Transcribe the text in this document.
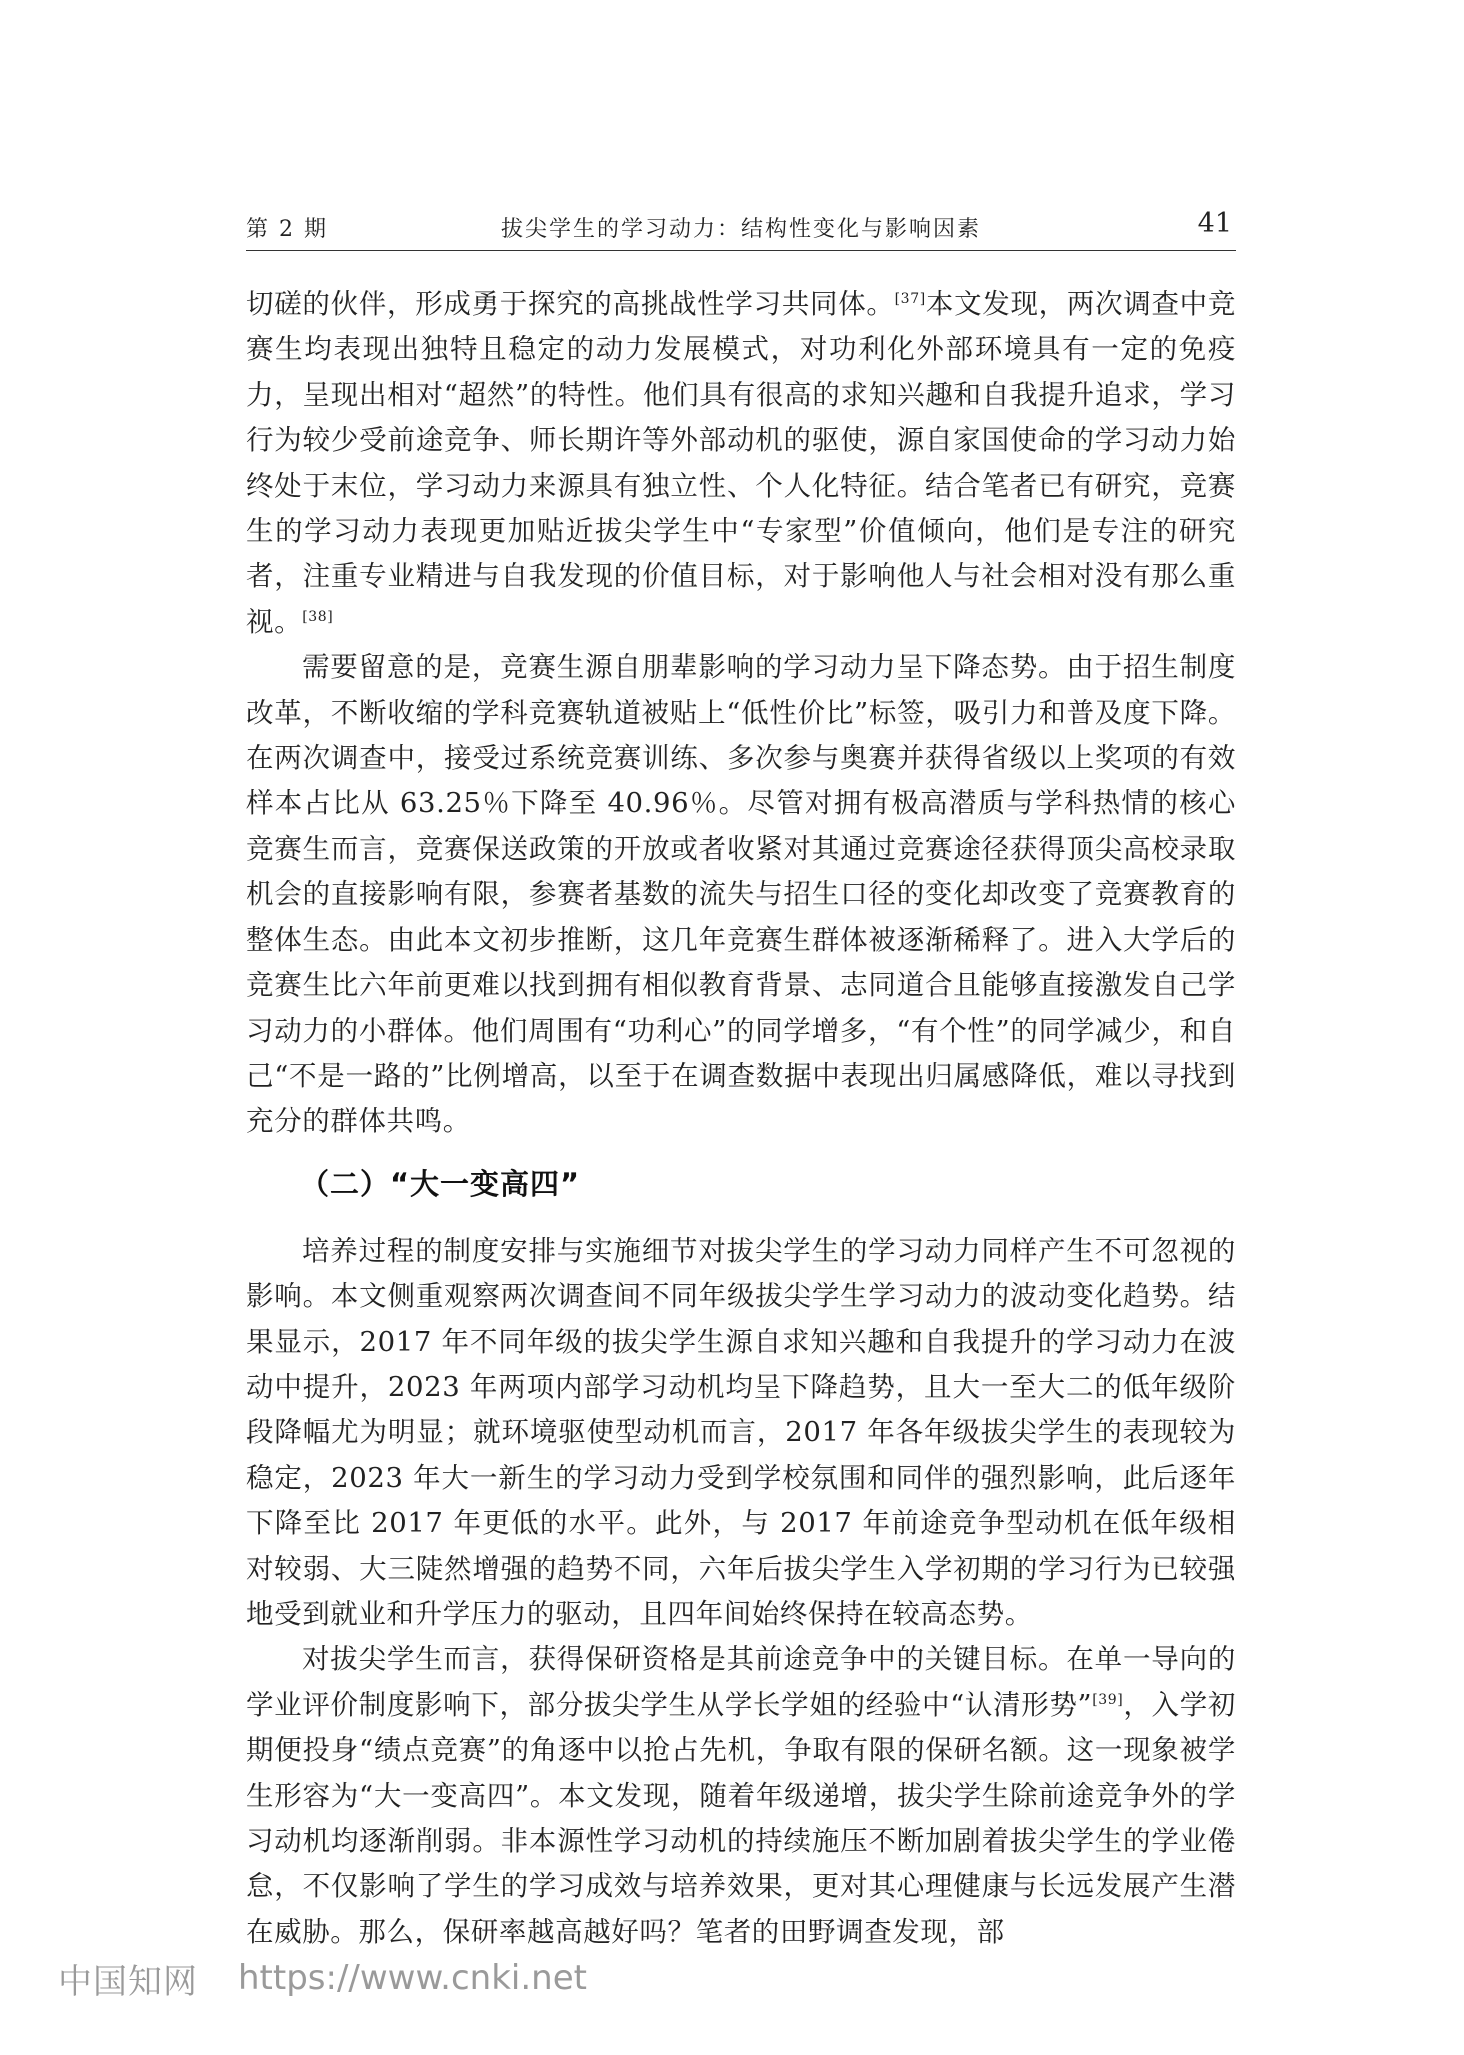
第 2 期	拔尖学生的学习动力：结构性变化与影响因素	41

切磋的伙伴，形成勇于探究的高挑战性学习共同体。[37]本文发现，两次调查中竞赛生均表现出独特且稳定的动力发展模式，对功利化外部环境具有一定的免疫力，呈现出相对“超然”的特性。他们具有很高的求知兴趣和自我提升追求，学习行为较少受前途竞争、师长期许等外部动机的驱使，源自家国使命的学习动力始终处于末位，学习动力来源具有独立性、个人化特征。结合笔者已有研究，竞赛生的学习动力表现更加贴近拔尖学生中“专家型”价值倾向，他们是专注的研究者，注重专业精进与自我发现的价值目标，对于影响他人与社会相对没有那么重视。[38]

需要留意的是，竞赛生源自朋辈影响的学习动力呈下降态势。由于招生制度改革，不断收缩的学科竞赛轨道被贴上“低性价比”标签，吸引力和普及度下降。在两次调查中，接受过系统竞赛训练、多次参与奥赛并获得省级以上奖项的有效样本占比从 63.25％下降至 40.96％。尽管对拥有极高潜质与学科热情的核心竞赛生而言，竞赛保送政策的开放或者收紧对其通过竞赛途径获得顶尖高校录取机会的直接影响有限，参赛者基数的流失与招生口径的变化却改变了竞赛教育的整体生态。由此本文初步推断，这几年竞赛生群体被逐渐稀释了。进入大学后的竞赛生比六年前更难以找到拥有相似教育背景、志同道合且能够直接激发自己学习动力的小群体。他们周围有“功利心”的同学增多，“有个性”的同学减少，和自己“不是一路的”比例增高，以至于在调查数据中表现出归属感降低，难以寻找到充分的群体共鸣。

（二）“大一变高四”

培养过程的制度安排与实施细节对拔尖学生的学习动力同样产生不可忽视的影响。本文侧重观察两次调查间不同年级拔尖学生学习动力的波动变化趋势。结果显示，2017 年不同年级的拔尖学生源自求知兴趣和自我提升的学习动力在波动中提升，2023 年两项内部学习动机均呈下降趋势，且大一至大二的低年级阶段降幅尤为明显；就环境驱使型动机而言，2017 年各年级拔尖学生的表现较为稳定，2023 年大一新生的学习动力受到学校氛围和同伴的强烈影响，此后逐年下降至比 2017 年更低的水平。此外，与 2017 年前途竞争型动机在低年级相对较弱、大三陡然增强的趋势不同，六年后拔尖学生入学初期的学习行为已较强地受到就业和升学压力的驱动，且四年间始终保持在较高态势。

对拔尖学生而言，获得保研资格是其前途竞争中的关键目标。在单一导向的学业评价制度影响下，部分拔尖学生从学长学姐的经验中“认清形势”[39]，入学初期便投身“绩点竞赛”的角逐中以抢占先机，争取有限的保研名额。这一现象被学生形容为“大一变高四”。本文发现，随着年级递增，拔尖学生除前途竞争外的学习动机均逐渐削弱。非本源性学习动机的持续施压不断加剧着拔尖学生的学业倦怠，不仅影响了学生的学习成效与培养效果，更对其心理健康与长远发展产生潜在威胁。那么，保研率越高越好吗？笔者的田野调查发现，部

中国知网 https://www.cnki.net
